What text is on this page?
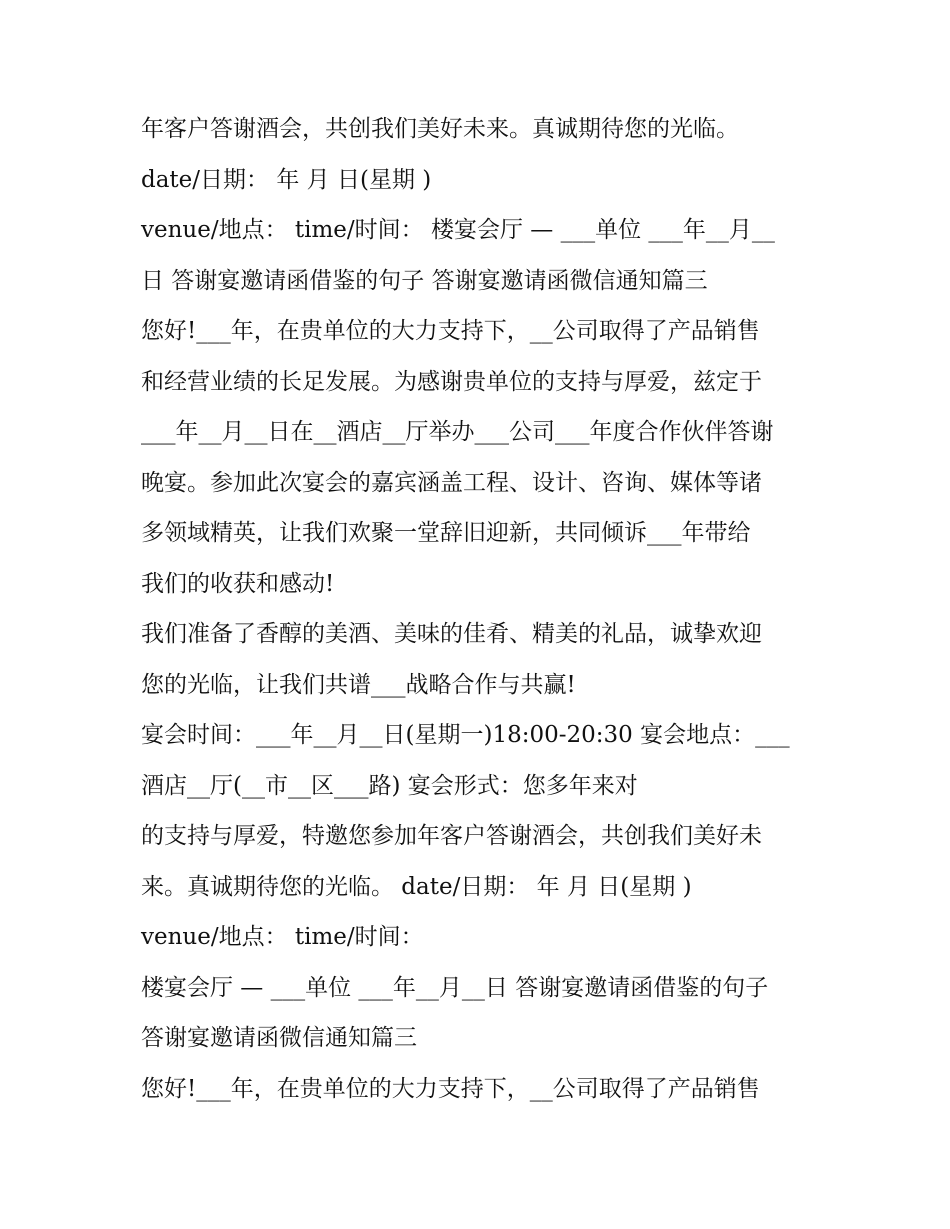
年客户答谢酒会，共创我们美好未来。真诚期待您的光临。
date/日期： 年 月 日(星期 )
venue/地点： time/时间： 楼宴会厅 — ___单位 ___年__月__
日 答谢宴邀请函借鉴的句子 答谢宴邀请函微信通知篇三
您好!___年，在贵单位的大力支持下，__公司取得了产品销售
和经营业绩的长足发展。为感谢贵单位的支持与厚爱，兹定于
___年__月__日在__酒店__厅举办___公司___年度合作伙伴答谢
晚宴。参加此次宴会的嘉宾涵盖工程、设计、咨询、媒体等诸
多领域精英，让我们欢聚一堂辞旧迎新，共同倾诉___年带给
我们的收获和感动!
我们准备了香醇的美酒、美味的佳肴、精美的礼品，诚挚欢迎
您的光临，让我们共谱___战略合作与共赢!
宴会时间：___年__月__日(星期一)18:00-20:30 宴会地点：___
酒店__厅(__市__区___路) 宴会形式：您多年来对
的支持与厚爱，特邀您参加年客户答谢酒会，共创我们美好未
来。真诚期待您的光临。 date/日期： 年 月 日(星期 )
venue/地点： time/时间：
楼宴会厅 — ___单位 ___年__月__日 答谢宴邀请函借鉴的句子
答谢宴邀请函微信通知篇三
您好!___年，在贵单位的大力支持下，__公司取得了产品销售
